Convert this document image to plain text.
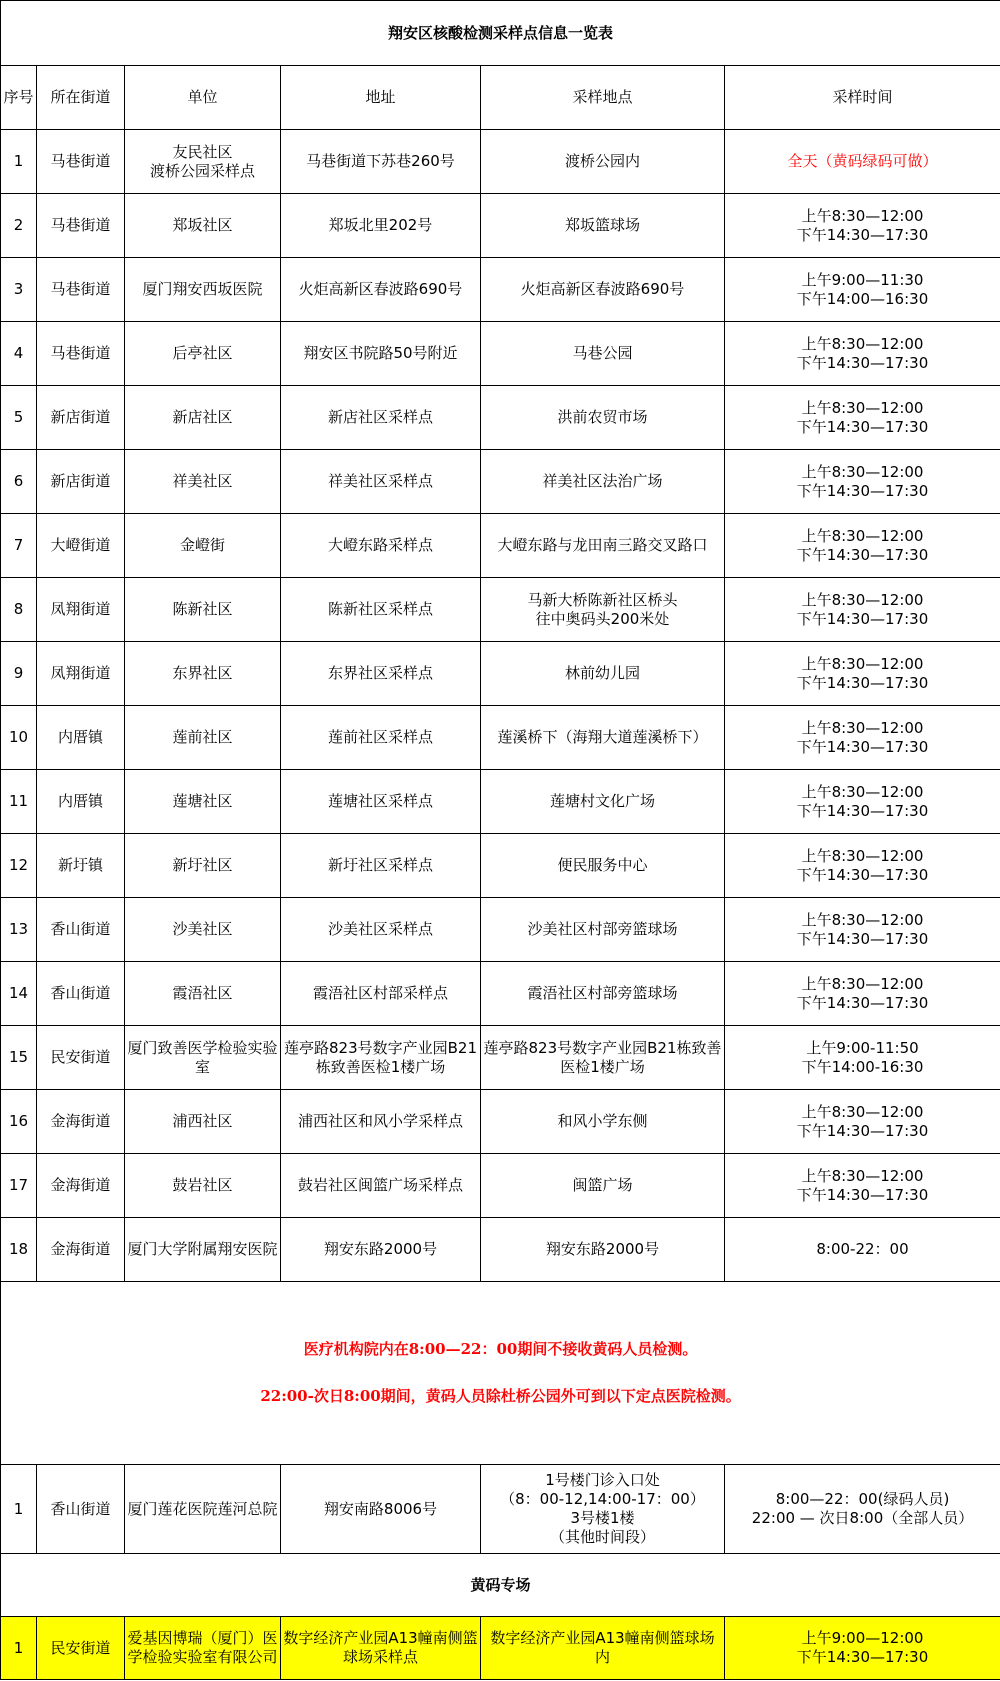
翔安区核酸检测采样点信息一览表					
序号	所在街道	单位	地址	采样地点	采样时间
1	马巷街道	友民社区
渡桥公园采样点	马巷街道下苏巷260号	渡桥公园内	全天（黄码绿码可做）
2	马巷街道	郑坂社区	郑坂北里202号	郑坂篮球场	上午8:30—12:00
下午14:30—17:30
3	马巷街道	厦门翔安西坂医院	火炬高新区春波路690号	火炬高新区春波路690号	上午9:00—11:30
下午14:00—16:30
4	马巷街道	后亭社区	翔安区书院路50号附近	马巷公园	上午8:30—12:00
下午14:30—17:30
5	新店街道	新店社区	新店社区采样点	洪前农贸市场	上午8:30—12:00
下午14:30—17:30
6	新店街道	祥美社区	祥美社区采样点	祥美社区法治广场	上午8:30—12:00
下午14:30—17:30
7	大嶝街道	金嶝街	大嶝东路采样点	大嶝东路与龙田南三路交叉路口	上午8:30—12:00
下午14:30—17:30
8	凤翔街道	陈新社区	陈新社区采样点	马新大桥陈新社区桥头
往中奥码头200米处	上午8:30—12:00
下午14:30—17:30
9	凤翔街道	东界社区	东界社区采样点	林前幼儿园	上午8:30—12:00
下午14:30—17:30
10	内厝镇	莲前社区	莲前社区采样点	莲溪桥下（海翔大道莲溪桥下）	上午8:30—12:00
下午14:30—17:30
11	内厝镇	莲塘社区	莲塘社区采样点	莲塘村文化广场	上午8:30—12:00
下午14:30—17:30
12	新圩镇	新圩社区	新圩社区采样点	便民服务中心	上午8:30—12:00
下午14:30—17:30
13	香山街道	沙美社区	沙美社区采样点	沙美社区村部旁篮球场	上午8:30—12:00
下午14:30—17:30
14	香山街道	霞浯社区	霞浯社区村部采样点	霞浯社区村部旁篮球场	上午8:30—12:00
下午14:30—17:30
15	民安街道	厦门致善医学检验实验室	莲亭路823号数字产业园B21栋致善医检1楼广场	莲亭路823号数字产业园B21栋致善医检1楼广场	上午9:00-11:50
下午14:00-16:30
16	金海街道	浦西社区	浦西社区和风小学采样点	和风小学东侧	上午8:30—12:00
下午14:30—17:30
17	金海街道	鼓岩社区	鼓岩社区闽篮广场采样点	闽篮广场	上午8:30—12:00
下午14:30—17:30
18	金海街道	厦门大学附属翔安医院	翔安东路2000号	翔安东路2000号	8:00-22：00

医疗机构院内在8:00—22：00期间不接收黄码人员检测。

22:00-次日8:00期间，黄码人员除杜桥公园外可到以下定点医院检测。					

1	香山街道	厦门莲花医院莲河总院	翔安南路8006号	1号楼门诊入口处
（8：00-12,14:00-17：00）
3号楼1楼
（其他时间段）	8:00—22：00(绿码人员)
22:00 — 次日8:00（全部人员）
黄码专场					
1	民安街道	爱基因博瑞（厦门）医学检验实验室有限公司	数字经济产业园A13幢南侧篮球场采样点	数字经济产业园A13幢南侧篮球场内	上午9:00—12:00
下午14:30—17:30
